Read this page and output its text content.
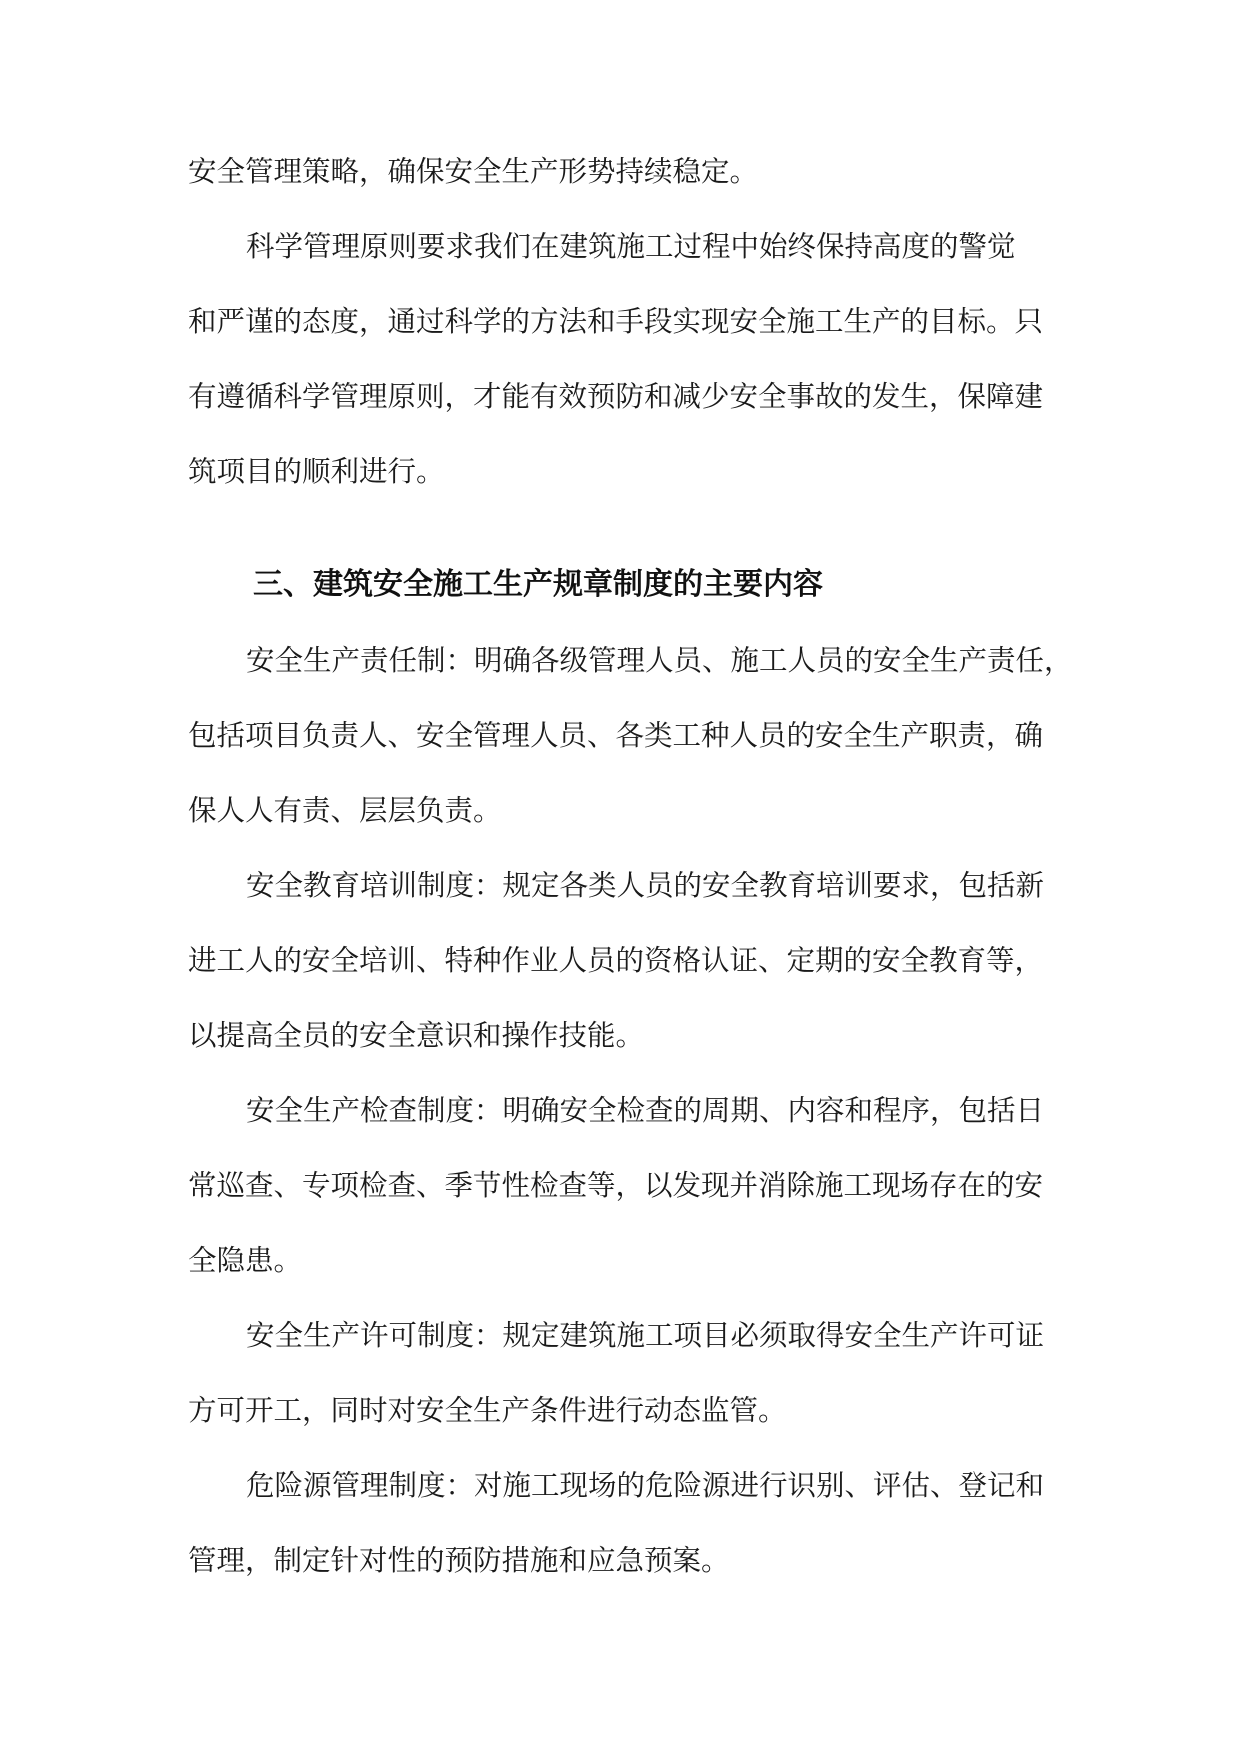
安全管理策略，确保安全生产形势持续稳定。
科学管理原则要求我们在建筑施工过程中始终保持高度的警觉
和严谨的态度，通过科学的方法和手段实现安全施工生产的目标。只
有遵循科学管理原则，才能有效预防和减少安全事故的发生，保障建
筑项目的顺利进行。
三、建筑安全施工生产规章制度的主要内容
安全生产责任制：明确各级管理人员、施工人员的安全生产责任，
包括项目负责人、安全管理人员、各类工种人员的安全生产职责，确
保人人有责、层层负责。
安全教育培训制度：规定各类人员的安全教育培训要求，包括新
进工人的安全培训、特种作业人员的资格认证、定期的安全教育等，
以提高全员的安全意识和操作技能。
安全生产检查制度：明确安全检查的周期、内容和程序，包括日
常巡查、专项检查、季节性检查等，以发现并消除施工现场存在的安
全隐患。
安全生产许可制度：规定建筑施工项目必须取得安全生产许可证
方可开工，同时对安全生产条件进行动态监管。
危险源管理制度：对施工现场的危险源进行识别、评估、登记和
管理，制定针对性的预防措施和应急预案。
